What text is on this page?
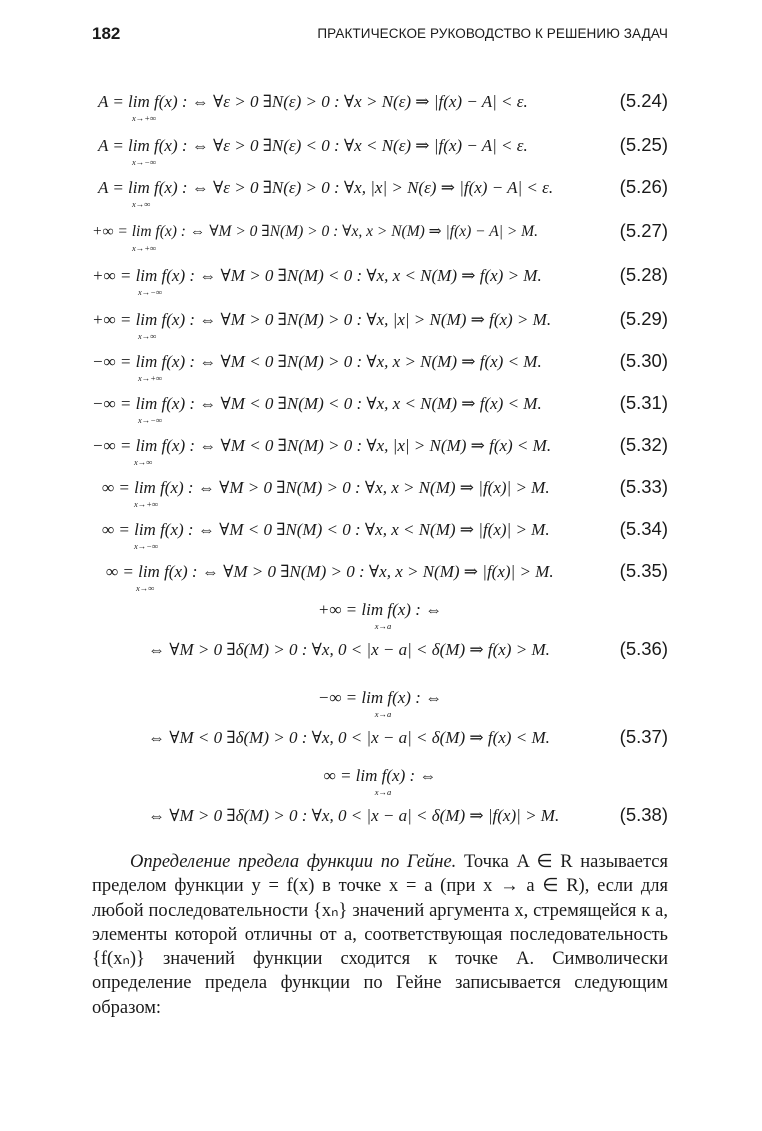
182	ПРАКТИЧЕСКОЕ РУКОВОДСТВО К РЕШЕНИЮ ЗАДАЧ
A = lim f(x) : ⇔ ∀ε > 0 ∃N(ε) > 0 : ∀x > N(ε) ⇒ |f(x) − A| < ε.
x→+∞
(5.24)
A = lim f(x) : ⇔ ∀ε > 0 ∃N(ε) < 0 : ∀x < N(ε) ⇒ |f(x) − A| < ε.
x→−∞
(5.25)
A = lim f(x) : ⇔ ∀ε > 0 ∃N(ε) > 0 : ∀x, |x| > N(ε) ⇒ |f(x) − A| < ε.
x→∞
(5.26)
+∞ = lim f(x) : ⇔ ∀M > 0 ∃N(M) > 0 : ∀x, x > N(M) ⇒ |f(x) − A| > M.
x→+∞
(5.27)
+∞ = lim f(x) : ⇔ ∀M > 0 ∃N(M) < 0 : ∀x, x < N(M) ⇒ f(x) > M.
x→−∞
(5.28)
+∞ = lim f(x) : ⇔ ∀M > 0 ∃N(M) > 0 : ∀x, |x| > N(M) ⇒ f(x) > M.
x→∞
(5.29)
−∞ = lim f(x) : ⇔ ∀M < 0 ∃N(M) > 0 : ∀x, x > N(M) ⇒ f(x) < M.
x→+∞
(5.30)
−∞ = lim f(x) : ⇔ ∀M < 0 ∃N(M) < 0 : ∀x, x < N(M) ⇒ f(x) < M.
x→−∞
(5.31)
−∞ = lim f(x) : ⇔ ∀M < 0 ∃N(M) > 0 : ∀x, |x| > N(M) ⇒ f(x) < M.
x→∞
(5.32)
∞ = lim f(x) : ⇔ ∀M > 0 ∃N(M) > 0 : ∀x, x > N(M) ⇒ |f(x)| > M.
x→+∞
(5.33)
∞ = lim f(x) : ⇔ ∀M < 0 ∃N(M) < 0 : ∀x, x < N(M) ⇒ |f(x)| > M.
x→−∞
(5.34)
∞ = lim f(x) : ⇔ ∀M > 0 ∃N(M) > 0 : ∀x, x > N(M) ⇒ |f(x)| > M.
x→∞
(5.35)
+∞ = lim f(x) : ⇔
x→a
⇔ ∀M > 0 ∃δ(M) > 0 : ∀x, 0 < |x − a| < δ(M) ⇒ f(x) > M.	(5.36)
−∞ = lim f(x) : ⇔
x→a
⇔ ∀M < 0 ∃δ(M) > 0 : ∀x, 0 < |x − a| < δ(M) ⇒ f(x) < M.	(5.37)
∞ = lim f(x) : ⇔
x→a
⇔ ∀M > 0 ∃δ(M) > 0 : ∀x, 0 < |x − a| < δ(M) ⇒ |f(x)| > M.	(5.38)

Определение предела функции по Гейне. Точка A ∈ R называется пределом функции y = f(x) в точке x = a (при x → a ∈ R), если для любой последовательности {xₙ} значений аргумента x, стремящейся к a, элементы которой отличны от a, соответствующая последовательность {f(xₙ)} значений функции сходится к точке A. Символически определение предела функции по Гейне записывается следующим образом:
